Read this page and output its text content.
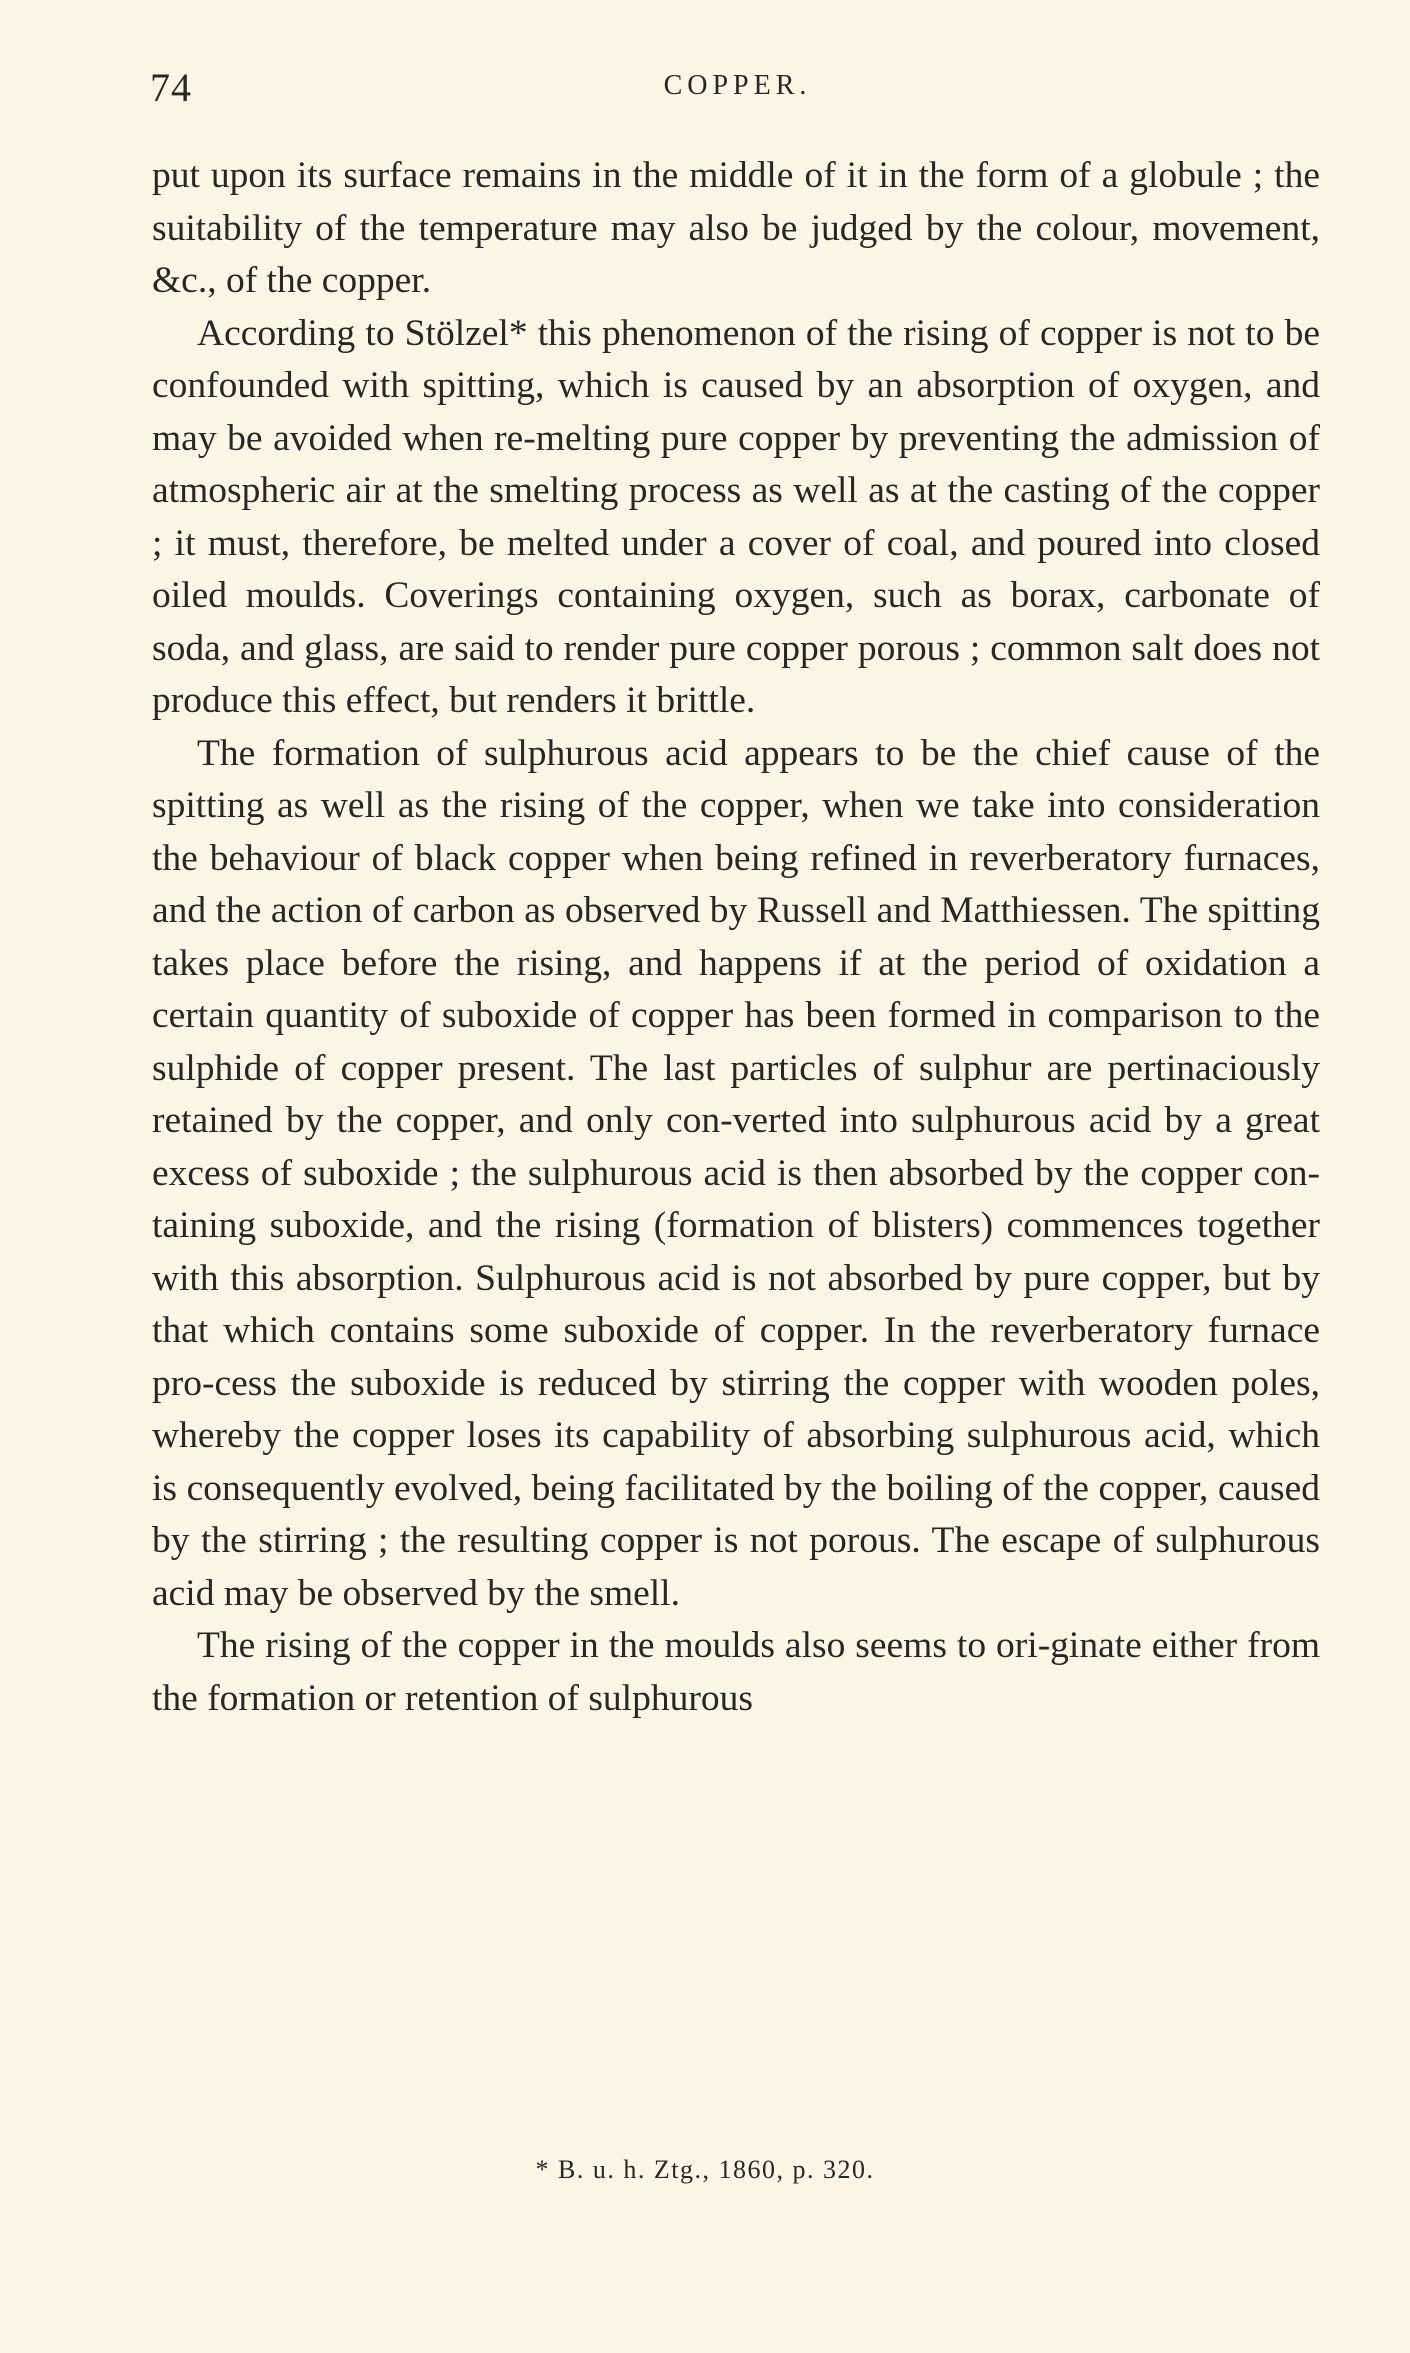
74	COPPER.

put upon its surface remains in the middle of it in the form of a globule ; the suitability of the temperature may also be judged by the colour, movement, &c., of the copper.

According to Stölzel* this phenomenon of the rising of copper is not to be confounded with spitting, which is caused by an absorption of oxygen, and may be avoided when re-melting pure copper by preventing the admission of atmospheric air at the smelting process as well as at the casting of the copper ; it must, therefore, be melted under a cover of coal, and poured into closed oiled moulds. Coverings containing oxygen, such as borax, carbonate of soda, and glass, are said to render pure copper porous ; common salt does not produce this effect, but renders it brittle.

The formation of sulphurous acid appears to be the chief cause of the spitting as well as the rising of the copper, when we take into consideration the behaviour of black copper when being refined in reverberatory furnaces, and the action of carbon as observed by Russell and Matthiessen. The spitting takes place before the rising, and happens if at the period of oxidation a certain quantity of suboxide of copper has been formed in comparison to the sulphide of copper present. The last particles of sulphur are pertinaciously retained by the copper, and only con-verted into sulphurous acid by a great excess of suboxide ; the sulphurous acid is then absorbed by the copper con-taining suboxide, and the rising (formation of blisters) commences together with this absorption. Sulphurous acid is not absorbed by pure copper, but by that which contains some suboxide of copper. In the reverberatory furnace pro-cess the suboxide is reduced by stirring the copper with wooden poles, whereby the copper loses its capability of absorbing sulphurous acid, which is consequently evolved, being facilitated by the boiling of the copper, caused by the stirring ; the resulting copper is not porous. The escape of sulphurous acid may be observed by the smell.

The rising of the copper in the moulds also seems to ori-ginate either from the formation or retention of sulphurous

* B. u. h. Ztg., 1860, p. 320.
